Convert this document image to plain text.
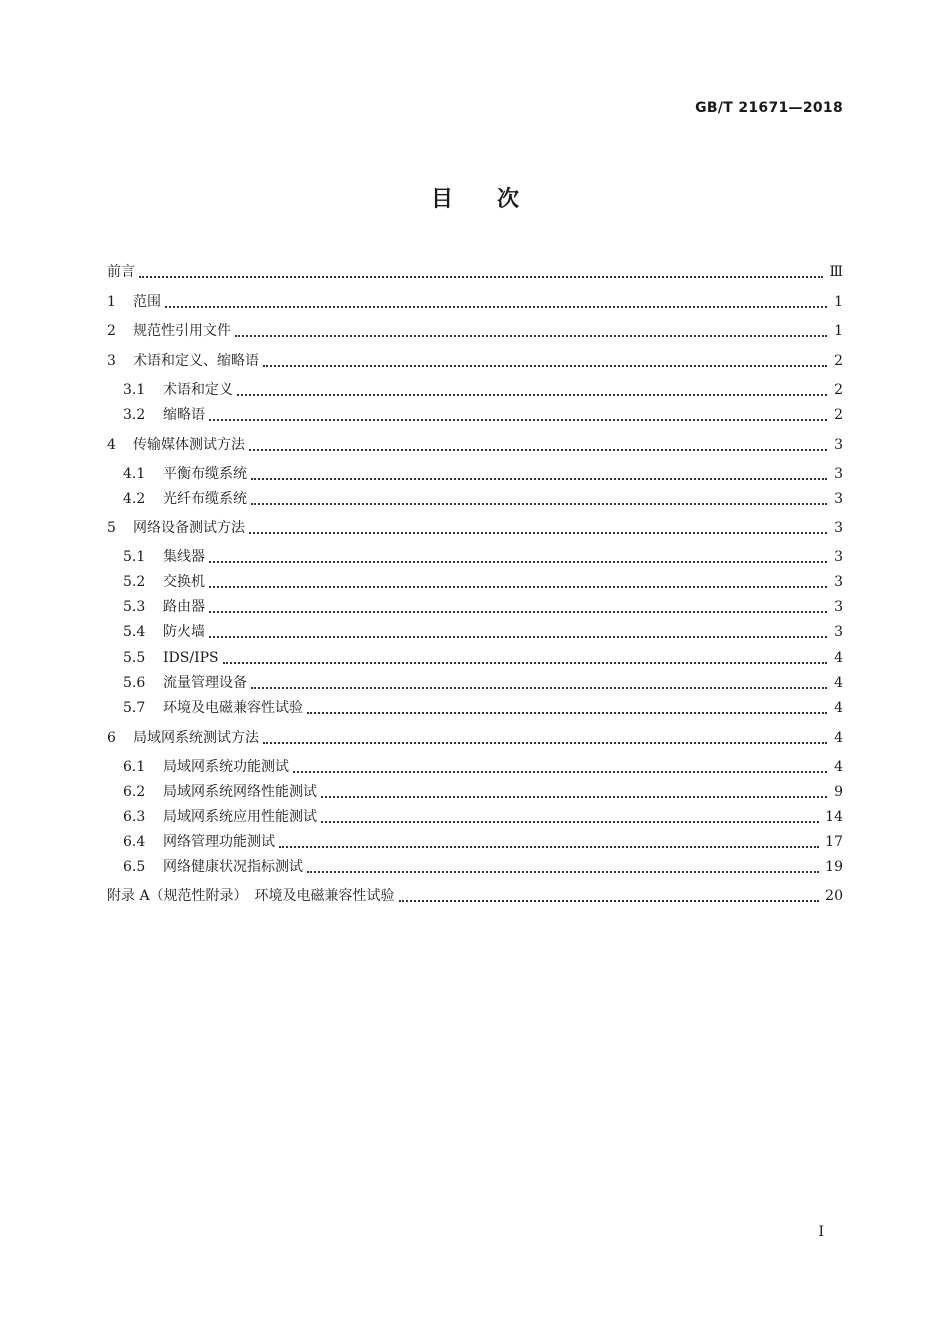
GB/T 21671—2018
目　　次
前言	Ⅲ
1	范围	1
2	规范性引用文件	1
3	术语和定义、缩略语	2
3.1	术语和定义	2
3.2	缩略语	2
4	传输媒体测试方法	3
4.1	平衡布缆系统	3
4.2	光纤布缆系统	3
5	网络设备测试方法	3
5.1	集线器	3
5.2	交换机	3
5.3	路由器	3
5.4	防火墙	3
5.5	IDS/IPS	4
5.6	流量管理设备	4
5.7	环境及电磁兼容性试验	4
6	局域网系统测试方法	4
6.1	局域网系统功能测试	4
6.2	局域网系统网络性能测试	9
6.3	局域网系统应用性能测试	14
6.4	网络管理功能测试	17
6.5	网络健康状况指标测试	19
附录 A（规范性附录）　环境及电磁兼容性试验	20
Ⅰ
